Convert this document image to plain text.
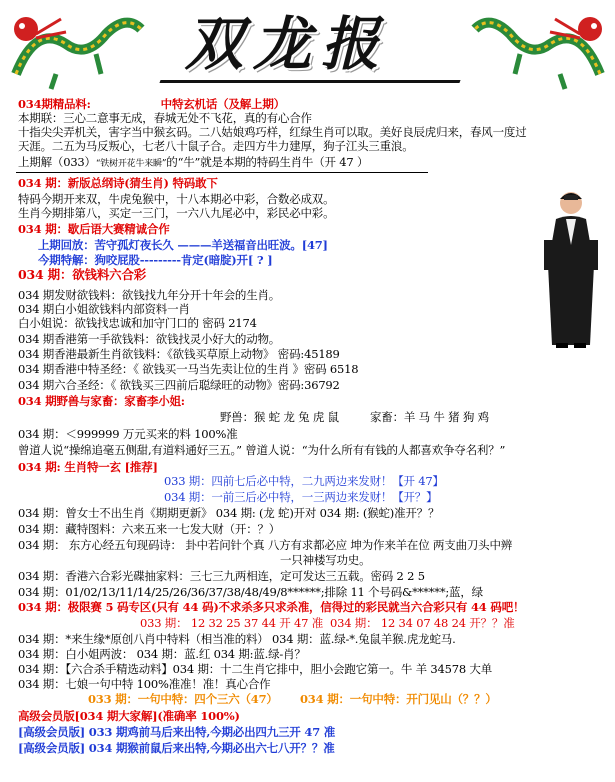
双龙报
034期精品料:	中特玄机话（及解上期）
本期联：三心二意事无成，春城无处不飞花，真的有心合作
十指尖尖弄机关，害字当中猴玄码。二八姑娘鸡巧样，红绿生肖可以取。美好良辰虎归来，春风一度过
天涯。二五为马反叛心，七老八十鼠子合。走四方牛力建厚，狗子江头三重浪。
上期解（033）“铁树开花牛来瞬”的“牛”就是本期的特码生肖牛（开 47 ）
034 期：新版总纲诗(猜生肖) 特码敢下
特码今期开来双，牛虎兔猴中，十八本期必中彩，合数必成双。
生肖今期排第八，买定一三门，一六八九尾必中，彩民必中彩。
034 期：歇后语大赛精诚合作
上期回放：苦守孤灯夜长久 ———羊送福音出旺波。[47]
今期特解：狗咬屁股---------肯定(暗腚)开[ ? ]
034 期：欲钱料六合彩
034 期发财欲钱料：欲钱找九年分开十年会的生肖。
034 期白小姐欲钱料内部资料一肖
白小姐说：欲钱找忠诚和加守门口的 密码 2174
034 期香港第一手欲钱料：欲钱找灵小好大的动物。
034 期香港最新生肖欲钱料：《欲钱买草原上动物》 密码:45189
034 期香港中特圣经：《 欲钱买一马当先卖让位的生肖 》密码 6518
034 期六合圣经：《 欲钱买三四前后聪绿旺的动物》密码:36792
034 期野兽与家畜：家畜李小姐:
野兽：猴 蛇 龙 兔 虎 鼠	家畜：羊 马 牛 猪 狗 鸡
034 期：＜999999 万元买来的料 100%准
曾道人说“操绵追毫五侧甜,有道料通好三五。” 曾道人说：“为什么所有有钱的人都喜欢争夺名利？”
034 期: 生肖特一玄 [推荐]
033 期：四前七后必中特，二九两边来发财！【开 47】
034 期：一前三后必中特，一三两边来发财！【开？】
034 期：曾女士不出生肖《期期更新》 034 期: (龙 蛇)开对 034 期: (猴蛇)准开？？
034 期：藏特图料：六来五来一七发大财（开：？）
034 期： 东方心经五句现码诗： 卦中若问针个真 八方有求都必应 坤为作来羊在位 两支曲刀头中辨
一只神楼写功史。
034 期：香港六合彩光碟抽家料：三七三九两相连，定可发达三五载。密码 2 2 5
034 期：01/02/13/11/14/25/26/36/37/38/48/49/8******;排除 11 个号码&******;蓝，绿
034 期：极限赛 5 码专区(只有 44 码)不求杀多只求杀准，信得过的彩民就当六合彩只有 44 码吧！
033 期： 12 32 25 37 44 开 47 准 034 期： 12 34 07 48 24 开？？准
034 期：*来生缘*原创八肖中特料（相当准的料） 034 期：蓝.绿-*.兔鼠羊猴.虎龙蛇马.
034 期：白小姐两波： 034 期：蓝.红 034 期:蓝.绿-肖？
034 期：【六合杀手精选动料】034 期：十二生肖它排中，胆小会跑它第一。牛 羊 34578 大单
034 期：七娘一句中特 100%准准！准！真心合作
033 期：一句中特：四个三六（47） 034 期：一句中特：开门见山（？？）
高级会员版[034 期大家解](准确率 100%)
[高级会员版] 033 期鸡前马后来出特,今期必出四九三开 47 准
[高级会员版] 034 期猴前鼠后来出特,今期必出六七八开？？准
